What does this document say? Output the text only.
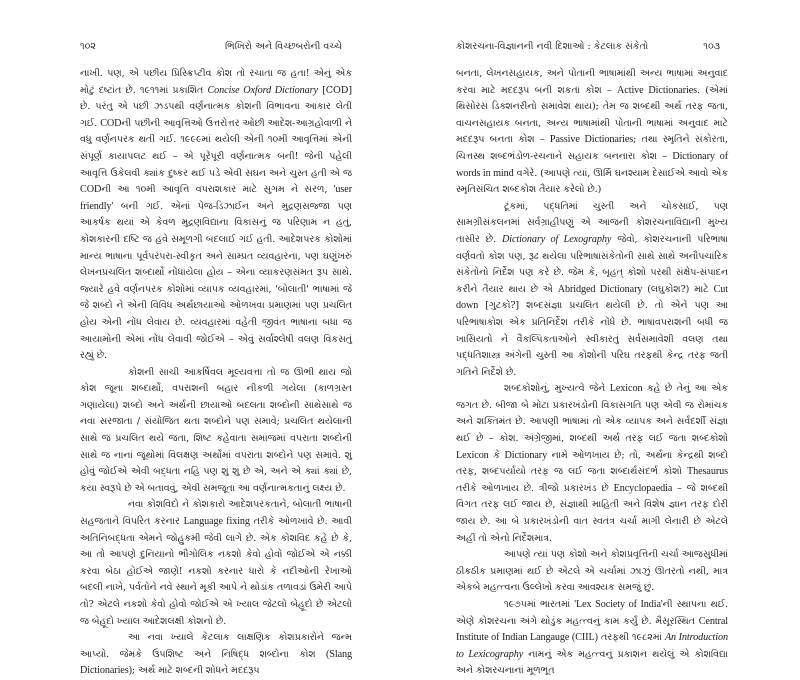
૧૦૨	ભિખિરો અને વિચ્છબરોની વચ્ચે

નાખી. પણ, એ પછીય પ્રિસ્ક્રિપ્ટીવ કોશ તો રચાતા જ હતા! એનું એક મોટું દષ્ટાંત છે. ૧૯૧૧માં પ્રકાશિત Concise Oxford Dictionary [COD] છે. પરંતુ એ પછી ઝડપથી વર્ણનાત્મક કોશની વિભાવના આકાર લેતી ગઈ. CODની પછીની આવૃત્તિઓ ઉત્તરોત્તર ઓછી આદેશ-આગ્રહોવાળી ને વધુ વર્ણનપરક થતી ગઈ. ૧૯૯૯માં થયેલી એની ૧૦મી આવૃત્તિમાં એની સંપૂર્ણ કાયાપલટ થઈ – એ પૂરેપૂરી વર્ણનાત્મક બની! જેની પહેલી આવૃત્તિ ઉકેલવી ક્યાંક દુષ્કર થઈ પડે એવી સઘન અને ચુસ્ત હતી એ જ CODની આ ૧૦મી આવૃત્તિ વપરાશકાર માટે સુગમ ને સરળ, 'user friendly' બની ગઈ. એનાં પેજ-ડિઝાઈન અને મુદ્રણસજ્જા પણ આકર્ષક થયાં એ કેવળ મુદ્રણવિદ્યાના વિકાસનું જ પરિણામ ન હતું, કોશકારની દષ્ટિ જ હવે સમૂળગી બદલાઈ ગઈ હતી. આદેશપરક કોશોમાં માન્ય ભાષાના પૂર્વપરંપરા-સ્વીકૃત અને સામ્પ્રત વ્યવહારના, પણ ઘણુંખરું લેખનપ્રચલિત શબ્દાર્થો નોંધાયેલા હોય – એના વ્યાકરણસંમત રૂપ સાથે. જ્યારે હવે વર્ણનપરક કોશોમાં વ્યાપક વ્યવહારમાં, 'બોલાતી' ભાષામાં જે જે શબ્દો ને એની વિવિધ અર્થછાયાઓ ઓળખવા પ્રમાણમાં પણ પ્રચલિત હોય એની નોંધ લેવાય છે. વ્યવહારમાં વહેતી જીવંત ભાષાના બધા જ આયામોની એમાં નોંધ લેવાવી જોઈએ – એવું સર્વાશ્લેષી વલણ વિકસતું રહ્યું છે.

કોશની સાચી આકર્ષિવલ મૂલ્યવત્તા તો જ ઊભી થાય જો કોશ જૂના શબ્દાર્થો, વપરાશની બહાર નીકળી ગયેલા (કાળગ્રસ્ત ગણાયેલા) શબ્દો અને અર્થની છાયાઓ બદલતા શબ્દોની સાથેસાથે જ નવા સરજાતા / સંયોજિત થતા શબ્દોને પણ સમાવે; પ્રચલિત થયેલાની સાથે જ પ્રચલિત થયે જતા, શિષ્ટ કહેવાતા સમાજમાં વપરાતા શબ્દોની સાથે જ નાનાં જૂથોમાં વિલક્ષણ અર્થોમાં વપરાતા શબ્દોને પણ સમાવે. શું હોવું જોઈએ એવી બદ્ધતા નહિ પણ શું શું છે એ, અને એ ક્યાં ક્યાં છે, કયા સ્વરૂપે છે એ બતાવવું, એવી સમજૂતા આ વર્ણનાત્મકતાનું લક્ષ્ય છે.

નવા કોશવિદો ને કોશકારો આદેશપરકતાને, બોલાતી ભાષાની સહજતાને વિપરિત કરનાર Language fixing તરીકે ઓળખાવે છે. આવી અતિનિબદ્ધતા એમને જોહુકમી જેવી લાગે છે. એક કોશવિદ કહે છે કે, આ તો આપણે દુનિયાનો ભૌગોલિક નકશો કેવો હોવો જોઈએ એ નક્કી કરવા બેઠા હોઈએ જાણે! નકશો કરનાર ધારો કે નદીઓની રેખાઓ બદલી નાખે, પર્વતોને નવે સ્થાને મૂકી આપે ને થોડાંક તળાવડાં ઉમેરી આપે તો? એટલે નકશો કેવો હોવો જોઈએ એ ખ્યાલ જેટલો બેહૂદો છે એટલો જ બેહૂદો ખ્યાલ આદેશલક્ષી કોશનો છે.

આ નવા ખ્યાલે કેટલાક લાક્ષણિક કોશપ્રકારોને જન્મ આપ્યો. જેમકે ઉપશિષ્ટ અને નિષિદ્ધ શબ્દોના કોશ (Slang Dictionaries); અર્થ માટે શબ્દની શોધને મદદરૂપ

કોશરચના-વિજ્ઞાનની નવી દિશાઓ : કેટલાક સંકેતો	૧૦૩

બનતા, લેખનસહાયક, અને પોતાની ભાષામાંથી અન્ય ભાષામાં અનુવાદ કરવા માટે મદદરૂપ બની શકતા કોશ – Active Dictionaries. (એમાં થિસોરસ ડિક્શનરીનો સમાવેશ થાય); તેમ જ શબ્દથી અર્થ તરફ જતા, વાચનસહાયક બનતા, અન્ય ભાષામાંથી પોતાની ભાષામાં અનુવાદ માટે મદદરૂપ બનતા કોશ – Passive Dictionaries; તથા સ્મૃતિને સંકોરતા, ચિત્તસ્થ શબ્દભંડોળ-રચનાને સહાયક બનનારા કોશ – Dictionary of words in mind વગેરે. (આપણે ત્યાં, ઊર્મિ ઘનશ્યામ દેસાઈએ આવો એક સ્મૃતિસંચિત શબ્દકોશ તૈયાર કરેલો છે.)

ટૂંકમાં, પદ્ધતિમાં ચુસ્તી અને ચોકસાઈ, પણ સામગ્રીસંકલનમાં સર્વગ્રાહીપણું એ આજની કોશરચનાવિદ્યાની મુખ્ય તાસીર છે. Dictionary of Lexography જેવો, કોશરચનાની પરિભાષા વર્ણવતો કોશ પણ, રૂઢ થયેલા પરિભાષાસંકેતોની સાથે સાથે અનૌપચારિક સંકેતોનો નિર્દેશ પણ કરે છે. જેમ કે, બૃહત્ કોશો પરથી સંક્ષેપ-સંપાદન કરીને તૈયાર થાય છે એ Abridged Dictionary (લઘુકોશ?) માટે Cut down [ગુટકો?] શબ્દસંજ્ઞા પ્રચલિત થયેલી છે. તો એને પણ આ પરિભાષાકોશ એક પ્રતિનિર્દેશ તરીકે નોંધે છે. ભાષાવપરાશની બધી જ ખાસિયતો ને વૈકલ્પિકતાઓને સ્વીકારતું સર્વસમાવેશી વલણ તથા પદ્ધતિશાસ્ત્ર અંગેની ચુસ્તી આ કોશોની પરિઘ તરફથી કેન્દ્ર તરફ જતી ગતિને નિર્દેશે છે.

શબ્દકોશોનું, મુખ્યત્વે જેને Lexicon કહે છે તેનું આ એક જગત છે. બીજા બે મોટા પ્રકારખંડોની વિકાસગતિ પણ એવી જ રોમાંચક અને શક્તિમંત છે. આપણી ભાષામાં તો એક વ્યાપક અને સર્વદર્શી સંજ્ઞા થઈ છે – કોશ. અંગ્રેજીમાં, શબ્દથી અર્થ તરફ લઈ જતા શબ્દકોશો Lexicon કે Dictionary નામે ઓળખાય છે; તો, અર્થના કેન્દ્રથી શબ્દો તરફ, શબ્દપર્યાયો તરફ જ લઈ જતા શબ્દાર્થસંદર્ભ કોશો Thesaurus તરીકે ઓળખાય છે. ત્રીજો પ્રકારખંડ છે Encyclopaedia – જે શબ્દથી વિગત તરફ લઈ જાય છે, સંજ્ઞાથી માહિતી અને વિશેષ જ્ઞાન તરફ દોરી જાય છે. આ બે પ્રકારખંડોની વાત સ્વતંત્ર ચર્ચા માગી લેનારી છે એટલે અહીં તો એનો નિર્દેશમાત્ર.

આપણે ત્યાં પણ કોશો અને કોશપ્રવૃત્તિની ચર્ચા આજસુધીમાં ઠીકઠીક પ્રમાણમાં થઈ છે એટલે એ ચર્ચામાં ઝાઝું ઊતરતો નથી, માત્ર એકબે મહત્ત્વના ઉલ્લેખો કરવા આવશ્યક સમજું છું.

૧૯૭૫માં ભારતમાં 'Lex Society of India'ની સ્થાપના થઈ. એણે કોશરચના અંગે થોડુંક મહત્ત્વનું કામ કર્યું છે. મૈસૂરસ્થિત Central Institute of Indian Langauge (CIIL) તરફથી ૧૯૮૨માં An Introduction to Lexicography નામનું એક મહત્ત્વનું પ્રકાશન થયેલું એ કોશવિદ્યા અને કોશરચનાનાં મૂળભૂત
